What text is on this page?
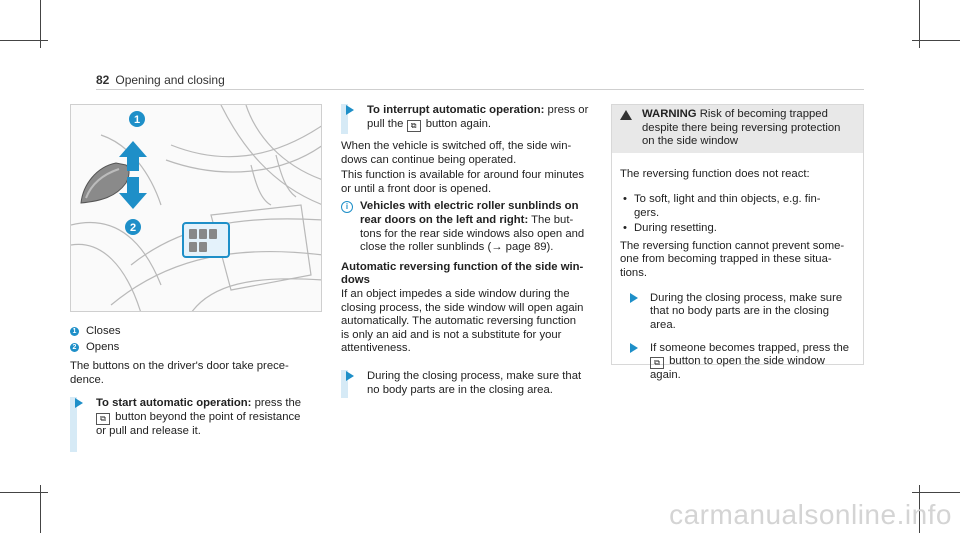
82 Opening and closing
1
2
1 Closes
2 Opens

The buttons on the driver's door take prece-
dence.

To start automatic operation: press the
⧉ button beyond the point of resistance
or pull and release it.
To interrupt automatic operation: press or
pull the ⧉ button again.

When the vehicle is switched off, the side win-
dows can continue being operated.

This function is available for around four minutes
or until a front door is opened.

i	Vehicles with electric roller sunblinds on
rear doors on the left and right: The but-
tons for the rear side windows also open and
close the roller sunblinds (→ page 89).

Automatic reversing function of the side win-
dows

If an object impedes a side window during the
closing process, the side window will open again
automatically. The automatic reversing function
is only an aid and is not a substitute for your
attentiveness.

During the closing process, make sure that
no body parts are in the closing area.
WARNING Risk of becoming trapped
despite there being reversing protection
on the side window

The reversing function does not react:

• To soft, light and thin objects, e.g. fin-
gers.
• During resetting.

The reversing function cannot prevent some-
one from becoming trapped in these situa-
tions.

During the closing process, make sure
that no body parts are in the closing
area.
If someone becomes trapped, press the
⧉ button to open the side window
again.
carmanualsonline.info
